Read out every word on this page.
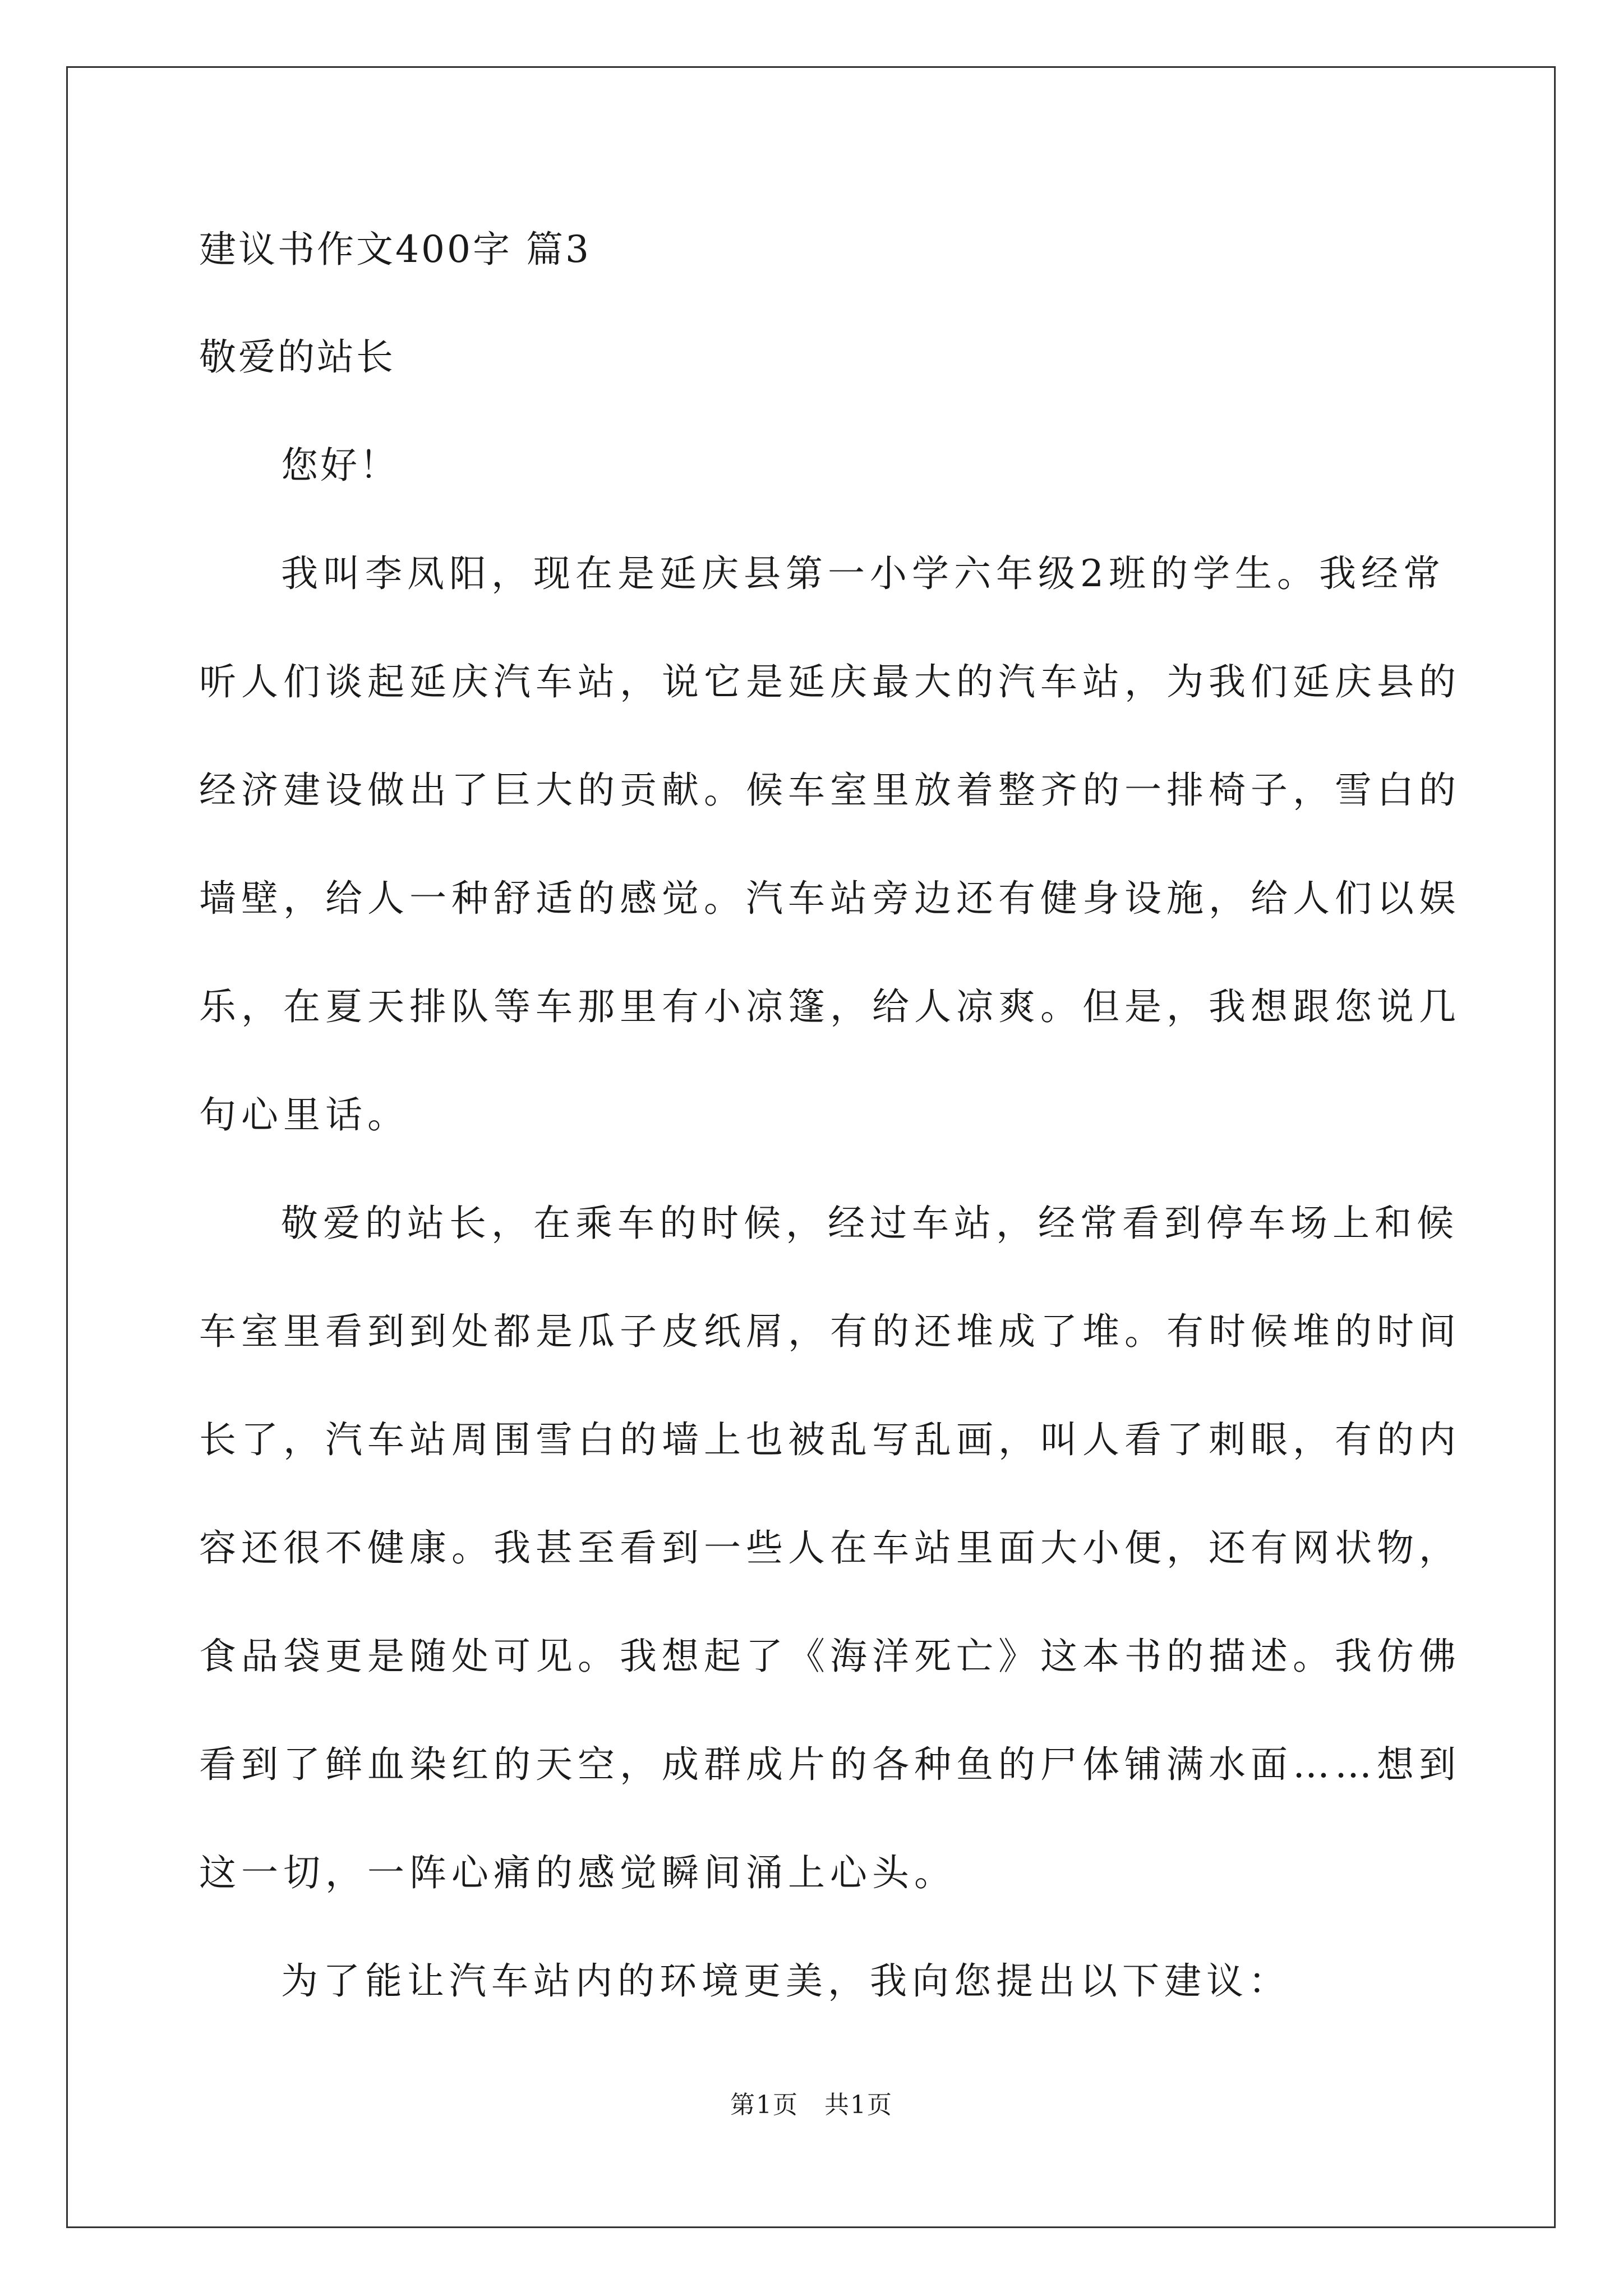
建议书作文400字 篇3
敬爱的站长
您好！
我叫李凤阳，现在是延庆县第一小学六年级2班的学生。我经常
听人们谈起延庆汽车站，说它是延庆最大的汽车站，为我们延庆县的
经济建设做出了巨大的贡献。候车室里放着整齐的一排椅子，雪白的
墙壁，给人一种舒适的感觉。汽车站旁边还有健身设施，给人们以娱
乐，在夏天排队等车那里有小凉篷，给人凉爽。但是，我想跟您说几
句心里话。
敬爱的站长，在乘车的时候，经过车站，经常看到停车场上和候
车室里看到到处都是瓜子皮纸屑，有的还堆成了堆。有时候堆的时间
长了，汽车站周围雪白的墙上也被乱写乱画，叫人看了刺眼，有的内
容还很不健康。我甚至看到一些人在车站里面大小便，还有网状物，
食品袋更是随处可见。我想起了《海洋死亡》这本书的描述。我仿佛
看到了鲜血染红的天空，成群成片的各种鱼的尸体铺满水面……想到
这一切，一阵心痛的感觉瞬间涌上心头。
为了能让汽车站内的环境更美，我向您提出以下建议：
第1页　共1页
